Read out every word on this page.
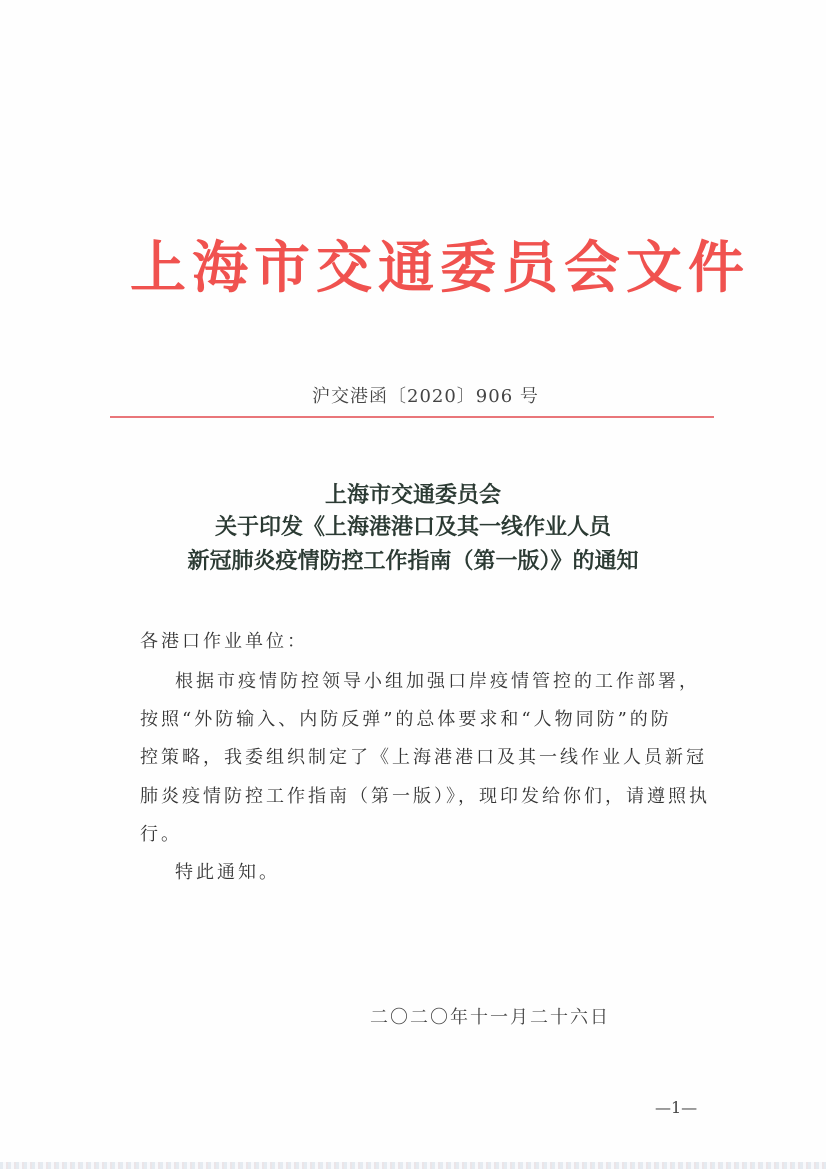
上海市交通委员会文件
沪交港函〔2020〕906 号
上海市交通委员会
关于印发《上海港港口及其一线作业人员
新冠肺炎疫情防控工作指南（第一版）》的通知
各港口作业单位：
根据市疫情防控领导小组加强口岸疫情管控的工作部署，
按照“外防输入、内防反弹”的总体要求和“人物同防”的防
控策略，我委组织制定了《上海港港口及其一线作业人员新冠
肺炎疫情防控工作指南（第一版）》，现印发给你们，请遵照执
行。
特此通知。
二〇二〇年十一月二十六日
—1—
